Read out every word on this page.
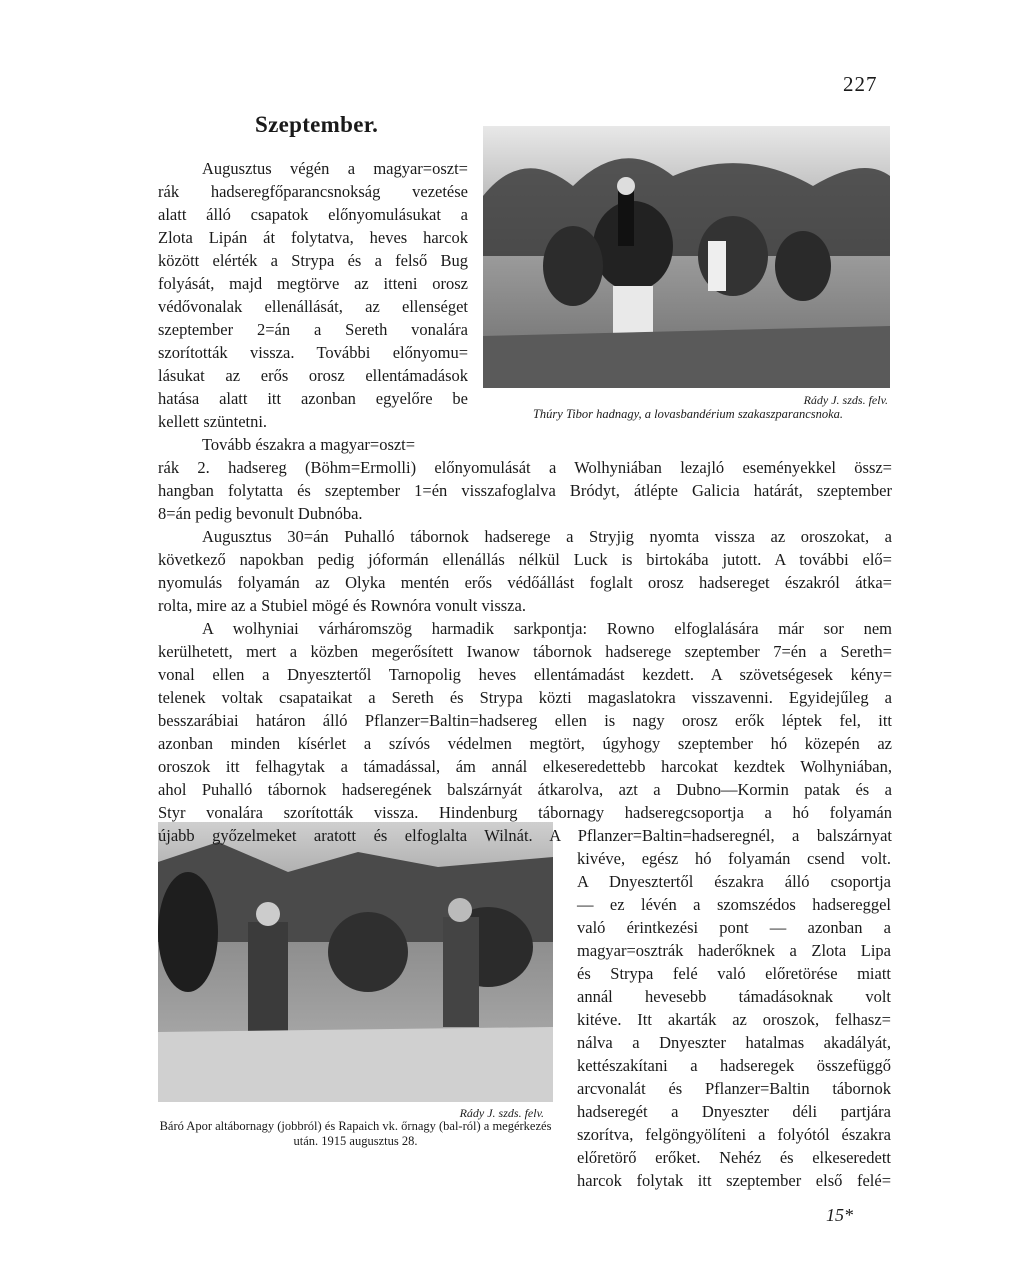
227
Szeptember.
Rády J. szds. felv.
Thúry Tibor hadnagy, a lovasbandérium szakaszparancsnoka.
Rády J. szds. felv.
Báró Apor altábornagy (jobbról) és Rapaich vk. őrnagy (bal-ról) a megérkezés után. 1915 augusztus 28.
Augusztus végén a magyar=oszt=
rák hadseregfőparancsnokság vezetése
alatt álló csapatok előnyomulásukat a
Zlota Lipán át folytatva, heves harcok
között elérték a Strypa és a felső Bug
folyását, majd megtörve az itteni orosz
védővonalak ellenállását, az ellenséget
szeptember 2=án a Sereth vonalára
szorították vissza. További előnyomu=
lásukat az erős orosz ellentámadások
hatása alatt itt azonban egyelőre be
kellett szüntetni.
Tovább északra a magyar=oszt=
rák 2. hadsereg (Böhm=Ermolli) előnyomulását a Wolhyniában lezajló eseményekkel össz=
hangban folytatta és szeptember 1=én visszafoglalva Bródyt, átlépte Galicia határát, szeptember
8=án pedig bevonult Dubnóba.
Augusztus 30=án Puhalló tábornok hadserege a Stryjig nyomta vissza az oroszokat, a
következő napokban pedig jóformán ellenállás nélkül Luck is birtokába jutott. A további elő=
nyomulás folyamán az Olyka mentén erős védőállást foglalt orosz hadsereget északról átka=
rolta, mire az a Stubiel mögé és Rownóra vonult vissza.
A wolhyniai várháromszög harmadik sarkpontja: Rowno elfoglalására már sor nem
kerülhetett, mert a közben megerősített Iwanow tábornok hadserege szeptember 7=én a Sereth=
vonal ellen a Dnyesztertől Tarnopolig heves ellentámadást kezdett. A szövetségesek kény=
telenek voltak csapataikat a Sereth és Strypa közti magaslatokra visszavenni. Egyidejűleg a
besszarábiai határon álló Pflanzer=Baltin=hadsereg ellen is nagy orosz erők léptek fel, itt
azonban minden kísérlet a szívós védelmen megtört, úgyhogy szeptember hó közepén az
oroszok itt felhagytak a támadással, ám annál elkeseredettebb harcokat kezdtek Wolhyniában,
ahol Puhalló tábornok hadseregének balszárnyát átkarolva, azt a Dubno—Kormin patak és a
Styr vonalára szorították vissza. Hindenburg tábornagy hadseregcsoportja a hó folyamán
újabb győzelmeket aratott és elfoglalta Wilnát. A Pflanzer=Baltin=hadseregnél, a balszárnyat
kivéve, egész hó folyamán csend volt.
A Dnyesztertől északra álló csoportja
— ez lévén a szomszédos hadsereggel
való érintkezési pont — azonban a
magyar=osztrák haderőknek a Zlota Lipa
és Strypa felé való előretörése miatt
annál hevesebb támadásoknak volt
kitéve. Itt akarták az oroszok, felhasz=
nálva a Dnyeszter hatalmas akadályát,
kettészakítani a hadseregek összefüggő
arcvonalát és Pflanzer=Baltin tábornok
hadseregét a Dnyeszter déli partjára
szorítva, felgöngyölíteni a folyótól északra
előretörő erőket. Nehéz és elkeseredett
harcok folytak itt szeptember első felé=
15*
